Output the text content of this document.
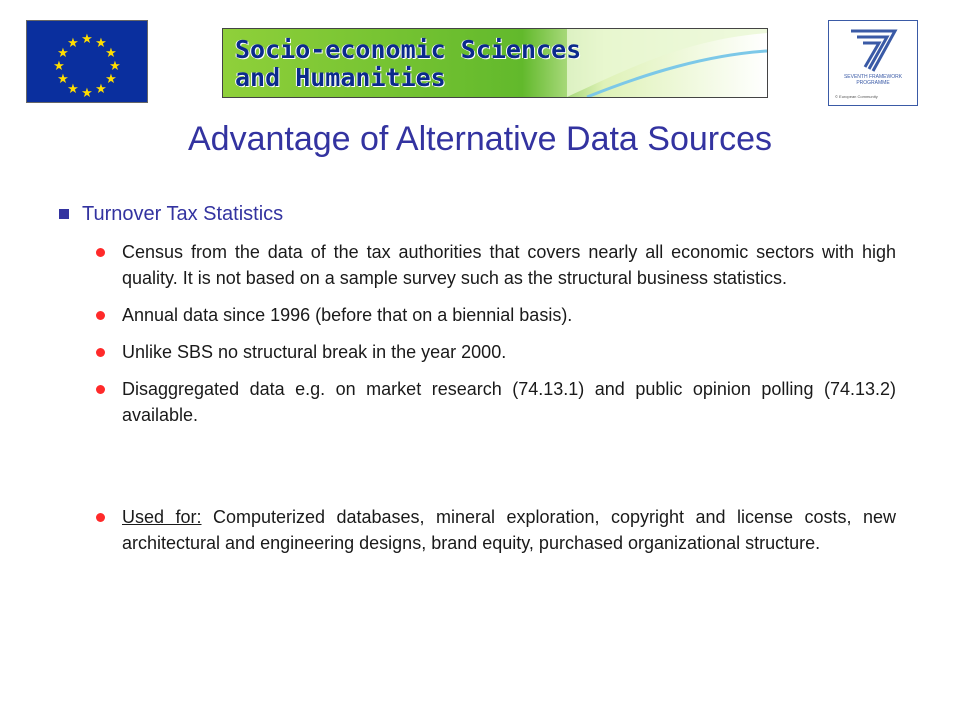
★ ★
★
★
★
★
★
★
★
★
★
★	Socio-economic Sciences
and Humanities	SEVENTH FRAMEWORK
PROGRAMME
© European Community
Advantage of Alternative Data Sources
Turnover Tax Statistics
Census from the data of the tax authorities that covers nearly all economic sectors with high quality. It is not based on a sample survey such as the structural business statistics.
Annual data since 1996 (before that on a biennial basis).
Unlike SBS no structural break in the year 2000.
Disaggregated data e.g. on market research (74.13.1) and public opinion polling (74.13.2) available.
Used for: Computerized databases, mineral exploration, copyright and license costs, new architectural and engineering designs, brand equity, purchased organizational structure.
